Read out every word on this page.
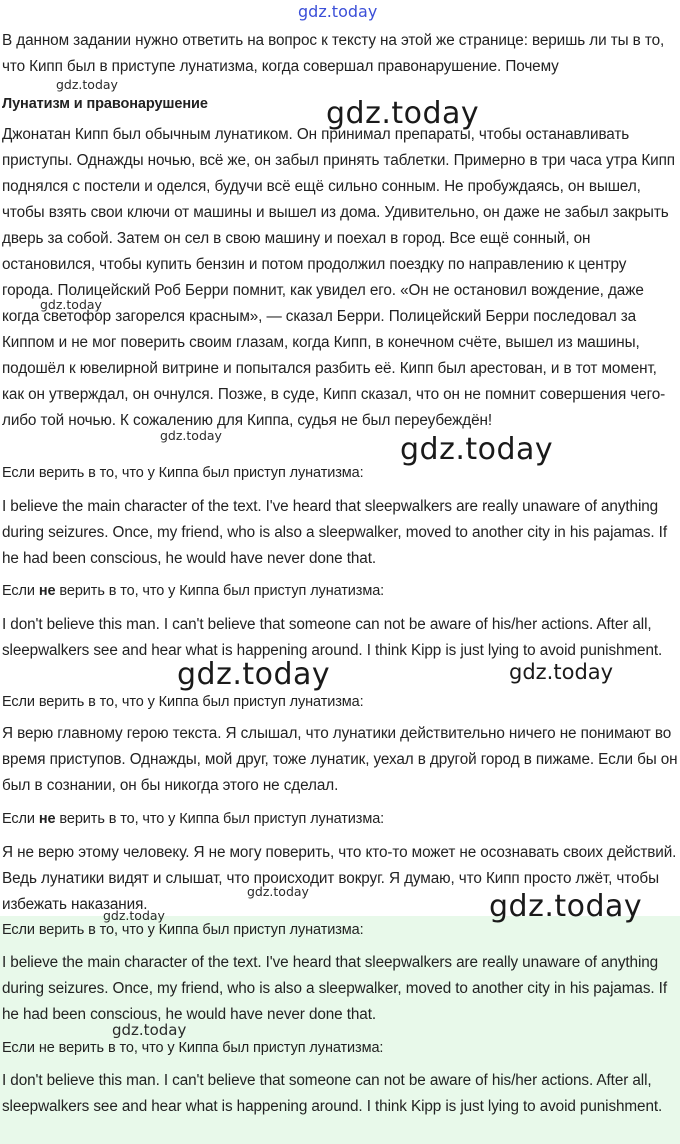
В данном задании нужно ответить на вопрос к тексту на этой же странице: веришь ли ты в то, что Кипп был в приступе лунатизма, когда совершал правонарушение. Почему

Лунатизм и правонарушение

Джонатан Кипп был обычным лунатиком. Он принимал препараты, чтобы останавливать приступы. Однажды ночью, всё же, он забыл принять таблетки. Примерно в три часа утра Кипп поднялся с постели и оделся, будучи всё ещё сильно сонным. Не пробуждаясь, он вышел, чтобы взять свои ключи от машины и вышел из дома. Удивительно, он даже не забыл закрыть дверь за собой. Затем он сел в свою машину и поехал в город. Все ещё сонный, он остановился, чтобы купить бензин и потом продолжил поездку по направлению к центру города. Полицейский Роб Берри помнит, как увидел его. «Он не остановил вождение, даже когда светофор загорелся красным», — сказал Берри. Полицейский Берри последовал за Киппом и не мог поверить своим глазам, когда Кипп, в конечном счёте, вышел из машины, подошёл к ювелирной витрине и попытался разбить её. Кипп был арестован, и в тот момент, как он утверждал, он очнулся. Позже, в суде, Кипп сказал, что он не помнит совершения чего-либо той ночью. К сожалению для Киппа, судья не был переубеждён!

Если верить в то, что у Киппа был приступ лунатизма:

I believe the main character of the text. I've heard that sleepwalkers are really unaware of anything during seizures. Once, my friend, who is also a sleepwalker, moved to another city in his pajamas. If he had been conscious, he would have never done that.

Если не верить в то, что у Киппа был приступ лунатизма:

I don't believe this man. I can't believe that someone can not be aware of his/her actions. After all, sleepwalkers see and hear what is happening around. I think Kipp is just lying to avoid punishment.

Если верить в то, что у Киппа был приступ лунатизма:

Я верю главному герою текста. Я слышал, что лунатики действительно ничего не понимают во время приступов. Однажды, мой друг, тоже лунатик, уехал в другой город в пижаме. Если бы он был в сознании, он бы никогда этого не сделал.

Если не верить в то, что у Киппа был приступ лунатизма:

Я не верю этому человеку. Я не могу поверить, что кто-то может не осознавать своих действий. Ведь лунатики видят и слышат, что происходит вокруг. Я думаю, что Кипп просто лжёт, чтобы избежать наказания.

Если верить в то, что у Киппа был приступ лунатизма:

I believe the main character of the text. I've heard that sleepwalkers are really unaware of anything during seizures. Once, my friend, who is also a sleepwalker, moved to another city in his pajamas. If he had been conscious, he would have never done that.

Если не верить в то, что у Киппа был приступ лунатизма:

I don't believe this man. I can't believe that someone can not be aware of his/her actions. After all, sleepwalkers see and hear what is happening around. I think Kipp is just lying to avoid punishment.

gdz.today
gdz.today
gdz.today
gdz.today
gdz.today	gdz.today
gdz.today	gdz.today
gdz.today	gdz.today
gdz.today
gdz.today
